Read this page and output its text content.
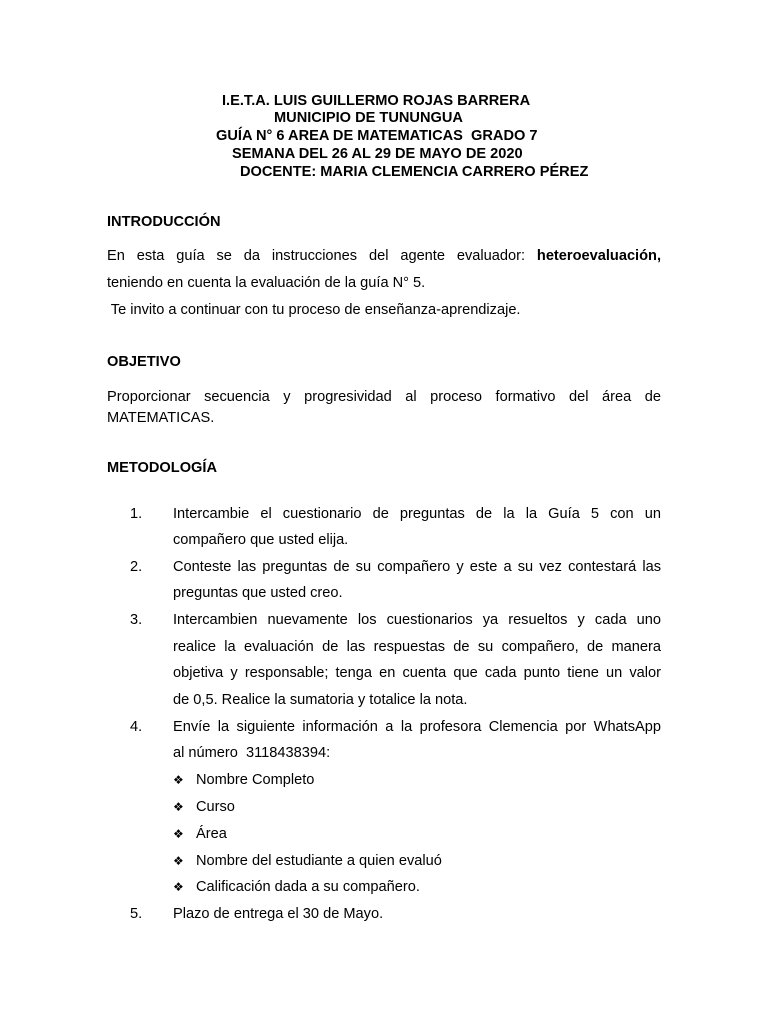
I.E.T.A. LUIS GUILLERMO ROJAS BARRERA
MUNICIPIO DE TUNUNGUA
GUÍA N° 6 AREA DE MATEMATICAS  GRADO 7
SEMANA DEL 26 AL 29 DE MAYO DE 2020
DOCENTE: MARIA CLEMENCIA CARRERO PÉREZ
INTRODUCCIÓN
En esta guía se da instrucciones del agente evaluador: heteroevaluación,
teniendo en cuenta la evaluación de la guía N° 5.
Te invito a continuar con tu proceso de enseñanza-aprendizaje.
OBJETIVO
Proporcionar secuencia y progresividad al proceso formativo del área de
MATEMATICAS.
METODOLOGÍA
1. Intercambie el cuestionario de preguntas de la la Guía 5 con un
compañero que usted elija.
2. Conteste las preguntas de su compañero y este a su vez contestará las
preguntas que usted creo.
3. Intercambien nuevamente los cuestionarios ya resueltos y cada uno
realice la evaluación de las respuestas de su compañero, de manera
objetiva y responsable; tenga en cuenta que cada punto tiene un valor
de 0,5. Realice la sumatoria y totalice la nota.
4. Envíe la siguiente información a la profesora Clemencia por WhatsApp
al número  3118438394:
❖ Nombre Completo
❖ Curso
❖ Área
❖ Nombre del estudiante a quien evaluó
❖ Calificación dada a su compañero.
5. Plazo de entrega el 30 de Mayo.
